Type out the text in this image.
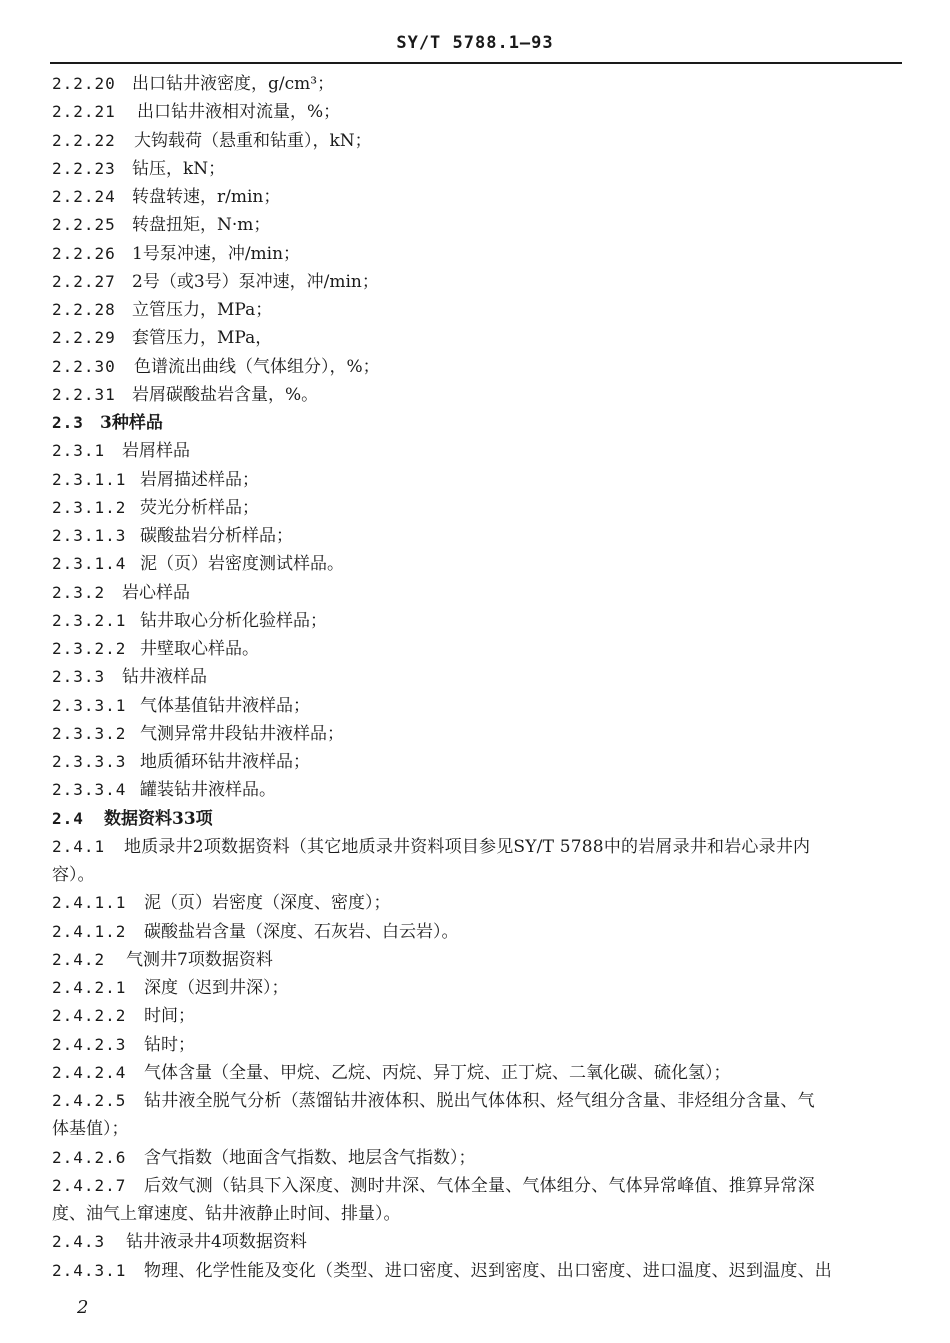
SY/T 5788.1—93
2.2.20 出口钻井液密度，g/cm³；
2.2.21 出口钻井液相对流量，%；
2.2.22 大钩载荷（悬重和钻重），kN；
2.2.23 钻压，kN；
2.2.24 转盘转速，r/min；
2.2.25 转盘扭矩，N·m；
2.2.26 1号泵冲速，冲/min；
2.2.27 2号（或3号）泵冲速，冲/min；
2.2.28 立管压力，MPa；
2.2.29 套管压力，MPa，
2.2.30 色谱流出曲线（气体组分），%；
2.2.31 岩屑碳酸盐岩含量，%。
2.3 3种样品
2.3.1 岩屑样品
2.3.1.1 岩屑描述样品；
2.3.1.2 荧光分析样品；
2.3.1.3 碳酸盐岩分析样品；
2.3.1.4 泥（页）岩密度测试样品。
2.3.2 岩心样品
2.3.2.1 钻井取心分析化验样品；
2.3.2.2 井壁取心样品。
2.3.3 钻井液样品
2.3.3.1 气体基值钻井液样品；
2.3.3.2 气测异常井段钻井液样品；
2.3.3.3 地质循环钻井液样品；
2.3.3.4 罐装钻井液样品。
2.4 数据资料33项
2.4.1 地质录井2项数据资料（其它地质录井资料项目参见SY/T 5788中的岩屑录井和岩心录井内
容）。
2.4.1.1 泥（页）岩密度（深度、密度）；
2.4.1.2 碳酸盐岩含量（深度、石灰岩、白云岩）。
2.4.2 气测井7项数据资料
2.4.2.1 深度（迟到井深）；
2.4.2.2 时间；
2.4.2.3 钻时；
2.4.2.4 气体含量（全量、甲烷、乙烷、丙烷、异丁烷、正丁烷、二氧化碳、硫化氢）；
2.4.2.5 钻井液全脱气分析（蒸馏钻井液体积、脱出气体体积、烃气组分含量、非烃组分含量、气
体基值）；
2.4.2.6 含气指数（地面含气指数、地层含气指数）；
2.4.2.7 后效气测（钻具下入深度、测时井深、气体全量、气体组分、气体异常峰值、推算异常深
度、油气上窜速度、钻井液静止时间、排量）。
2.4.3 钻井液录井4项数据资料
2.4.3.1 物理、化学性能及变化（类型、进口密度、迟到密度、出口密度、进口温度、迟到温度、出
2
